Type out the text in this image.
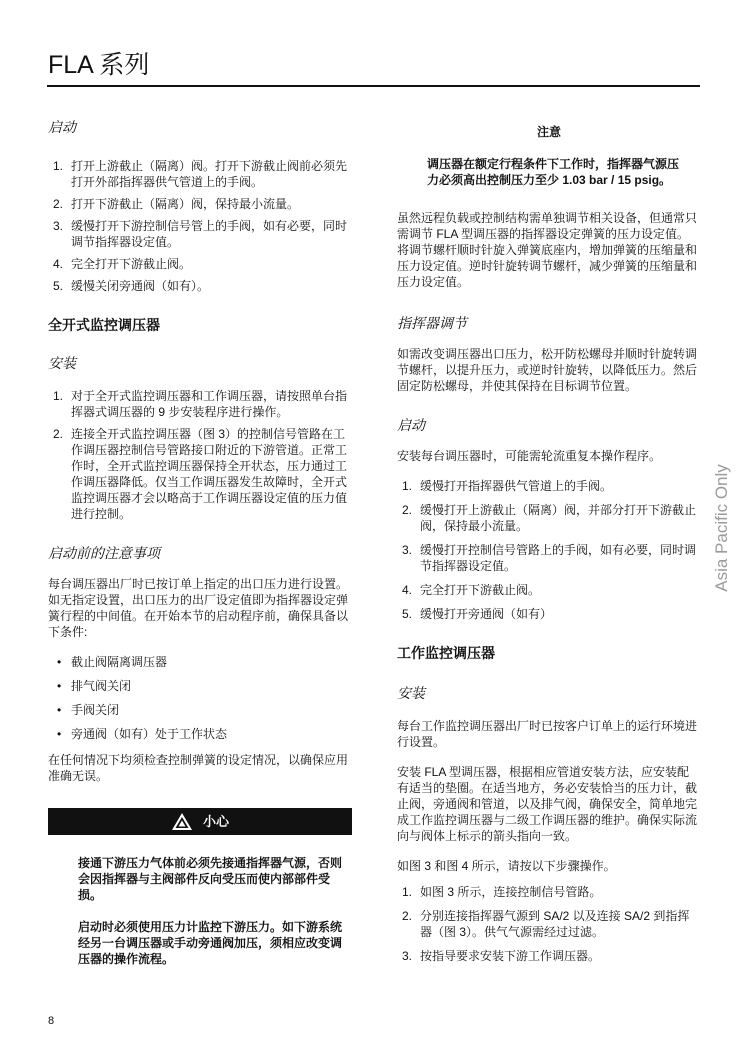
FLA 系列
启动
1. 打开上游截止（隔离）阀。打开下游截止阀前必须先打开外部指挥器供气管道上的手阀。
2. 打开下游截止（隔离）阀，保持最小流量。
3. 缓慢打开下游控制信号管上的手阀，如有必要，同时调节指挥器设定值。
4. 完全打开下游截止阀。
5. 缓慢关闭旁通阀（如有）。
全开式监控调压器
安装
1. 对于全开式监控调压器和工作调压器，请按照单台指挥器式调压器的 9 步安装程序进行操作。
2. 连接全开式监控调压器（图 3）的控制信号管路在工作调压器控制信号管路接口附近的下游管道。正常工作时，全开式监控调压器保持全开状态，压力通过工作调压器降低。仅当工作调压器发生故障时，全开式监控调压器才会以略高于工作调压器设定值的压力值进行控制。
启动前的注意事项

每台调压器出厂时已按订单上指定的出口压力进行设置。如无指定设置，出口压力的出厂设定值即为指挥器设定弹簧行程的中间值。在开始本节的启动程序前，确保具备以下条件:

• 截止阀隔离调压器
• 排气阀关闭
• 手阀关闭
• 旁通阀（如有）处于工作状态

在任何情况下均须检查控制弹簧的设定情况，以确保应用准确无误。

小心

接通下游压力气体前必须先接通指挥器气源，否则会因指挥器与主阀部件反向受压而使内部部件受损。

启动时必须使用压力计监控下游压力。如下游系统经另一台调压器或手动旁通阀加压，须相应改变调压器的操作流程。

注意

调压器在额定行程条件下工作时，指挥器气源压力必须高出控制压力至少 1.03 bar / 15 psig。

虽然远程负载或控制结构需单独调节相关设备，但通常只需调节 FLA 型调压器的指挥器设定弹簧的压力设定值。将调节螺杆顺时针旋入弹簧底座内，增加弹簧的压缩量和压力设定值。逆时针旋转调节螺杆，减少弹簧的压缩量和压力设定值。

指挥器调节

如需改变调压器出口压力，松开防松螺母并顺时针旋转调节螺杆，以提升压力，或逆时针旋转，以降低压力。然后固定防松螺母，并使其保持在目标调节位置。

启动

安装每台调压器时，可能需轮流重复本操作程序。

1. 缓慢打开指挥器供气管道上的手阀。
2. 缓慢打开上游截止（隔离）阀，并部分打开下游截止阀，保持最小流量。
3. 缓慢打开控制信号管路上的手阀，如有必要，同时调节指挥器设定值。
4. 完全打开下游截止阀。
5. 缓慢打开旁通阀（如有）
工作监控调压器
安装

每台工作监控调压器出厂时已按客户订单上的运行环境进行设置。

安装 FLA 型调压器，根据相应管道安装方法，应安装配有适当的垫圈。在适当地方，务必安装恰当的压力计，截止阀，旁通阀和管道，以及排气阀，确保安全，简单地完成工作监控调压器与二级工作调压器的维护。确保实际流向与阀体上标示的箭头指向一致。

如图 3 和图 4 所示，请按以下步骤操作。

1. 如图 3 所示，连接控制信号管路。
2. 分别连接指挥器气源到 SA/2 以及连接 SA/2 到指挥器（图 3）。供气气源需经过过滤。
3. 按指导要求安装下游工作调压器。
Asia Pacific Only
8
